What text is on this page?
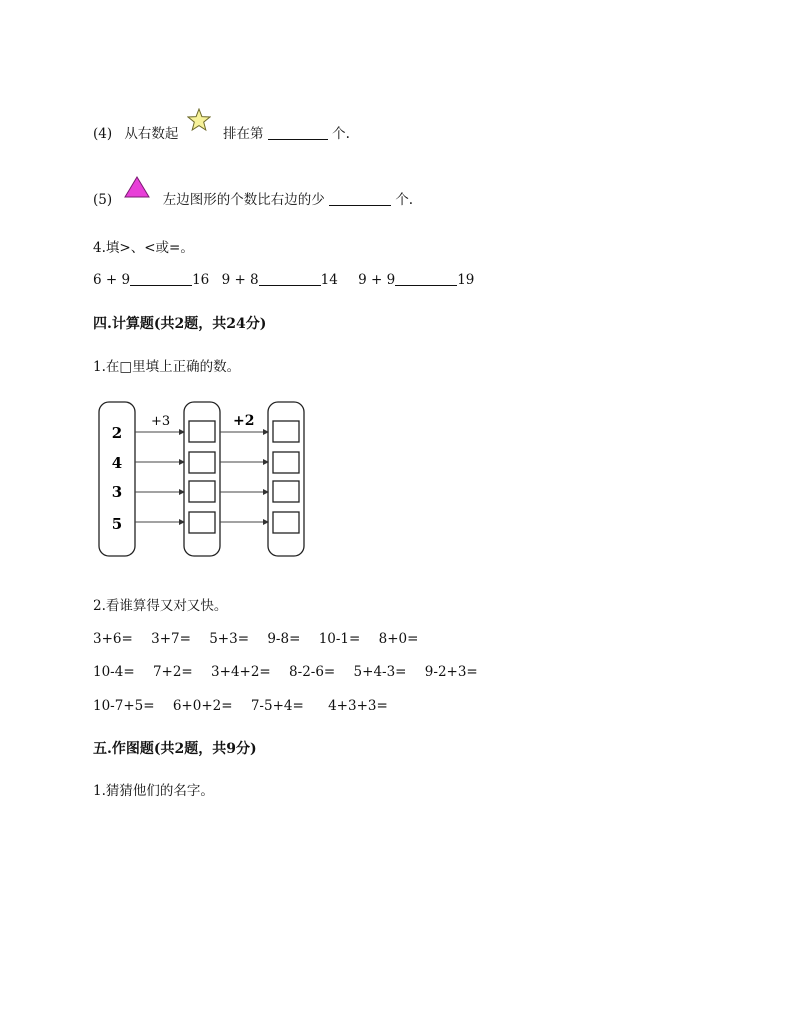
(4) 从右数起	排在第	个.
(5)	左边图形的个数比右边的少	个.
4.填>、<或=。
6 + 9	16 9 + 8	14 9 + 9	19
四.计算题(共2题，共24分)
1.在□里填上正确的数。
+3	+2
2
4
3
5
2.看谁算得又对又快。
3+6= 3+7= 5+3= 9-8= 10-1= 8+0=
10-4= 7+2= 3+4+2= 8-2-6= 5+4-3= 9-2+3=
10-7+5= 6+0+2= 7-5+4= 4+3+3=
五.作图题(共2题，共9分)
1.猜猜他们的名字。
